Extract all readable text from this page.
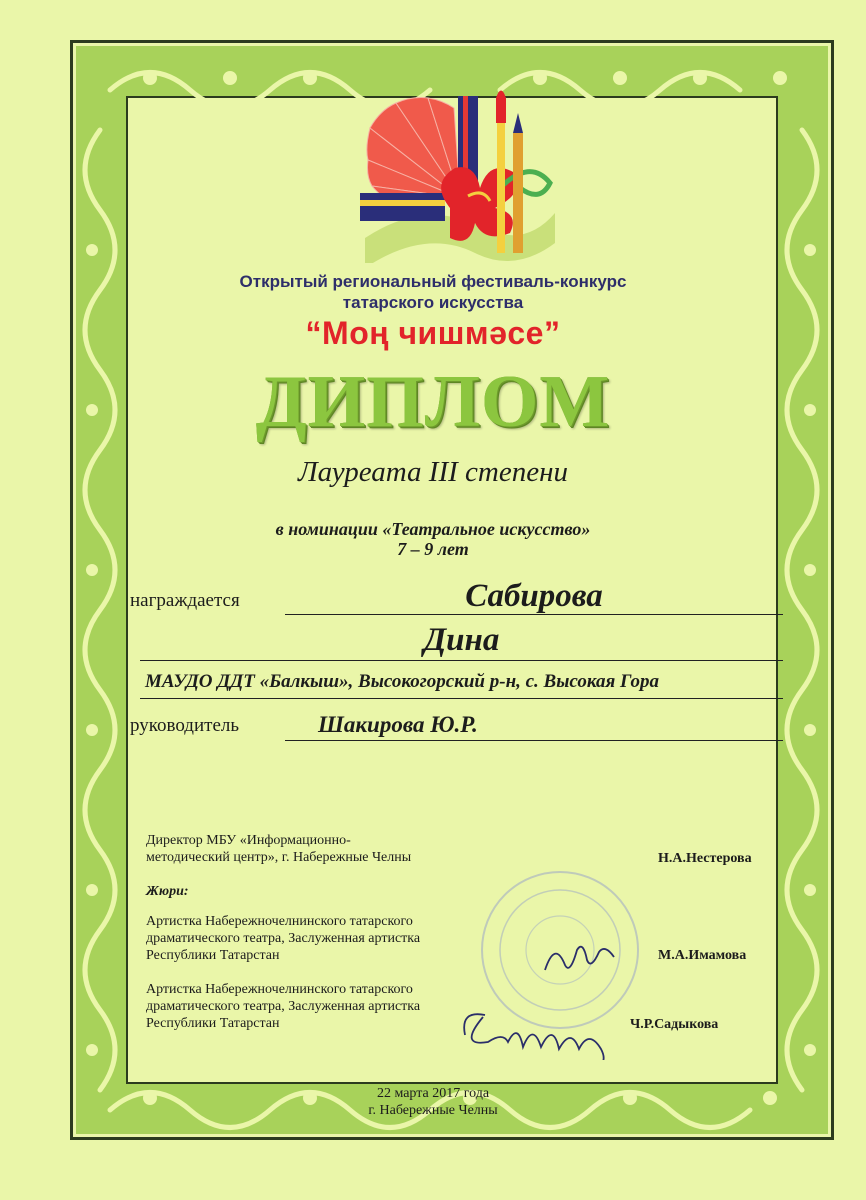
Открытый региональный фестиваль-конкурс
татарского искусства
“Моң чишмәсе”
ДИПЛОМ
Лауреата III степени
в номинации «Театральное искусство»
7 – 9 лет
награждается	Сабирова
Дина
МАУДО ДДТ «Балкыш», Высокогорский р-н, с. Высокая Гора
руководитель	Шакирова Ю.Р.
Директор МБУ «Информационно-
методический центр», г. Набережные Челны	Н.А.Нестерова
Жюри:
Артистка Набережночелнинского татарского
драматического театра, Заслуженная артистка
Республики Татарстан	М.А.Имамова
Артистка Набережночелнинского татарского
драматического театра, Заслуженная артистка
Республики Татарстан	Ч.Р.Садыкова
22 марта 2017 года
г. Набережные Челны
